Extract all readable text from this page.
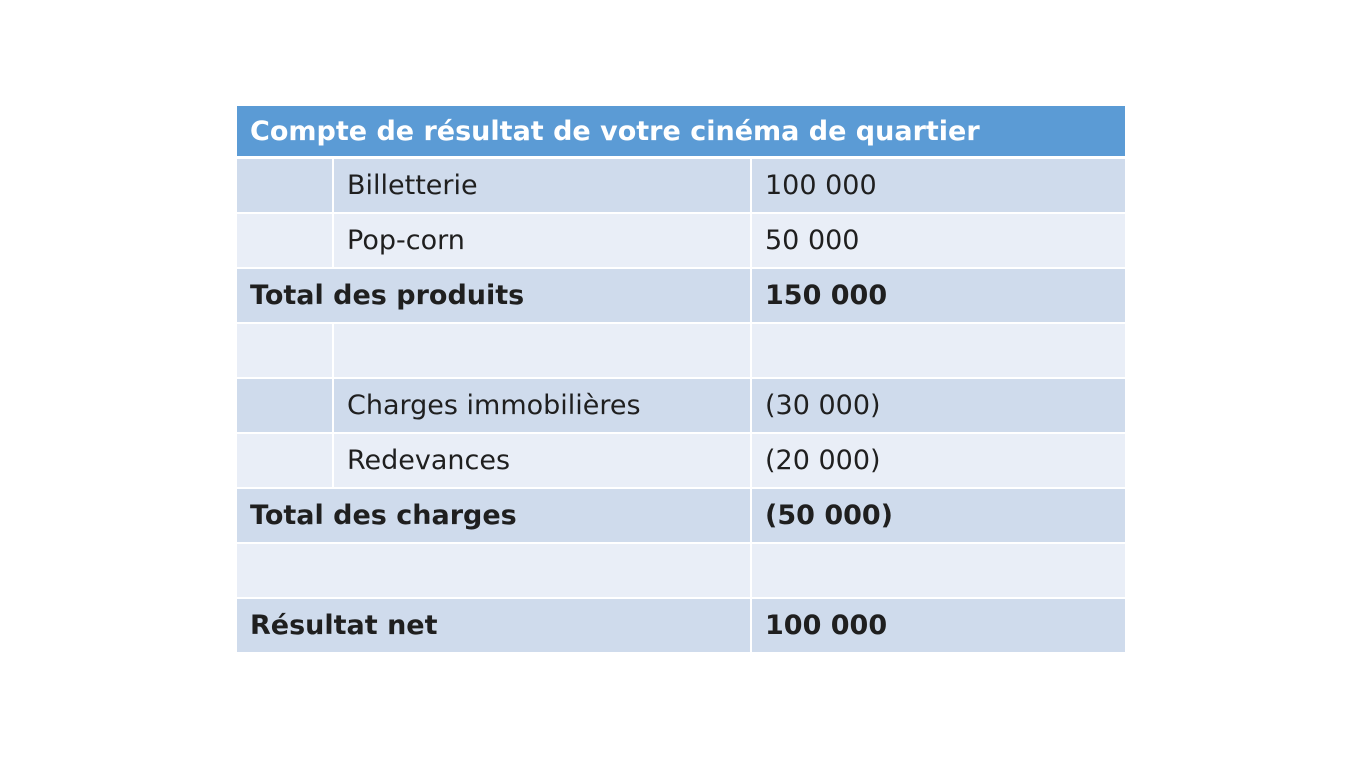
Compte de résultat de votre cinéma de quartier		
	Billetterie	100 000
	Pop-corn	50 000
Total des produits		150 000

	Charges immobilières	(30 000)
	Redevances	(20 000)
Total des charges		(50 000)

Résultat net		100 000
